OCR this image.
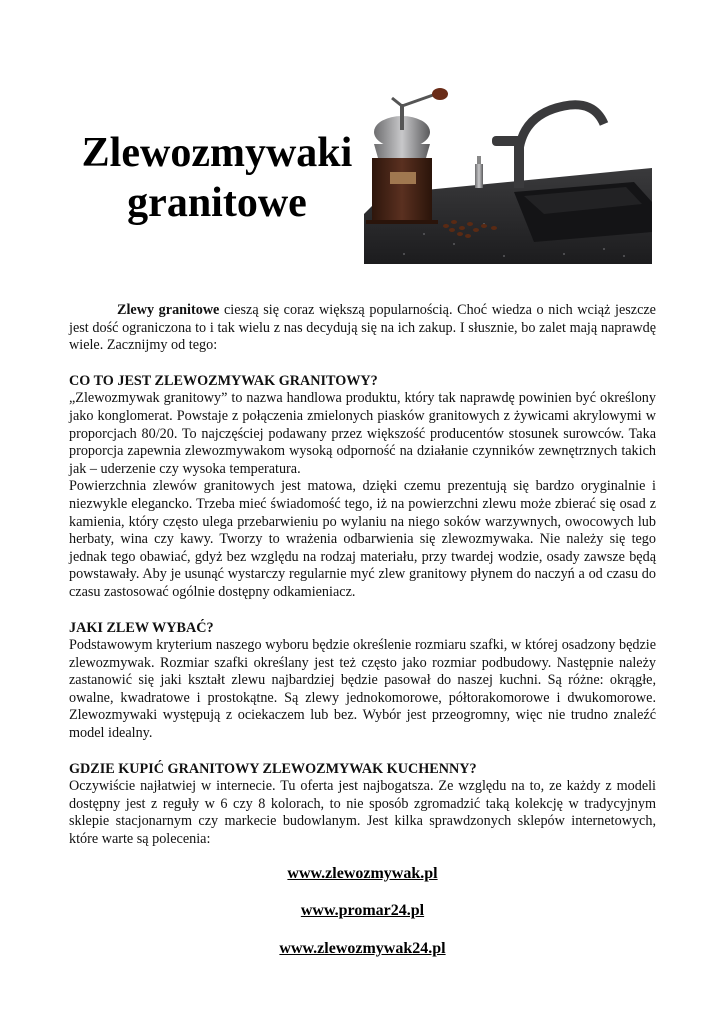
Zlewozmywaki
granitowe

Zlewy granitowe cieszą się coraz większą popularnością. Choć wiedza o nich wciąż jeszcze jest dość ograniczona to i tak wielu z nas decydują się na ich zakup. I słusznie, bo zalet mają naprawdę wiele. Zacznijmy od tego:

CO TO JEST ZLEWOZMYWAK GRANITOWY?

„Zlewozmywak granitowy” to nazwa handlowa produktu, który tak naprawdę powinien być określony jako konglomerat. Powstaje z połączenia zmielonych piasków granitowych z żywicami akrylowymi w proporcjach 80/20. To najczęściej podawany przez większość producentów stosunek surowców. Taka proporcja zapewnia zlewozmywakom wysoką odporność na działanie czynników zewnętrznych takich jak – uderzenie czy wysoka temperatura.

Powierzchnia zlewów granitowych jest matowa, dzięki czemu prezentują się bardzo oryginalnie i niezwykle elegancko. Trzeba mieć świadomość tego, iż na powierzchni zlewu może zbierać się osad z kamienia, który często ulega przebarwieniu po wylaniu na niego soków warzywnych, owocowych lub herbaty, wina czy kawy. Tworzy to wrażenia odbarwienia się zlewozmywaka. Nie należy się tego jednak tego obawiać, gdyż bez względu na rodzaj materiału, przy twardej wodzie, osady zawsze będą powstawały. Aby je usunąć wystarczy regularnie myć zlew granitowy płynem do naczyń a od czasu do czasu zastosować ogólnie dostępny odkamieniacz.

JAKI ZLEW WYBAĆ?

Podstawowym kryterium naszego wyboru będzie określenie rozmiaru szafki, w której osadzony będzie zlewozmywak. Rozmiar szafki określany jest też często jako rozmiar podbudowy. Następnie należy zastanowić się jaki kształt zlewu najbardziej będzie pasował do naszej kuchni. Są różne: okrągłe, owalne, kwadratowe i prostokątne. Są zlewy jednokomorowe, półtorakomorowe i dwukomorowe. Zlewozmywaki występują z ociekaczem lub bez. Wybór jest przeogromny, więc nie trudno znaleźć model idealny.

GDZIE KUPIĆ GRANITOWY ZLEWOZMYWAK KUCHENNY?

Oczywiście najłatwiej w internecie. Tu oferta jest najbogatsza. Ze względu na to, ze każdy z modeli dostępny jest z reguły w 6 czy 8 kolorach, to nie sposób zgromadzić taką kolekcję w tradycyjnym sklepie stacjonarnym czy markecie budowlanym. Jest kilka sprawdzonych sklepów internetowych, które warte są polecenia:

www.zlewozmywak.pl
www.promar24.pl
www.zlewozmywak24.pl
